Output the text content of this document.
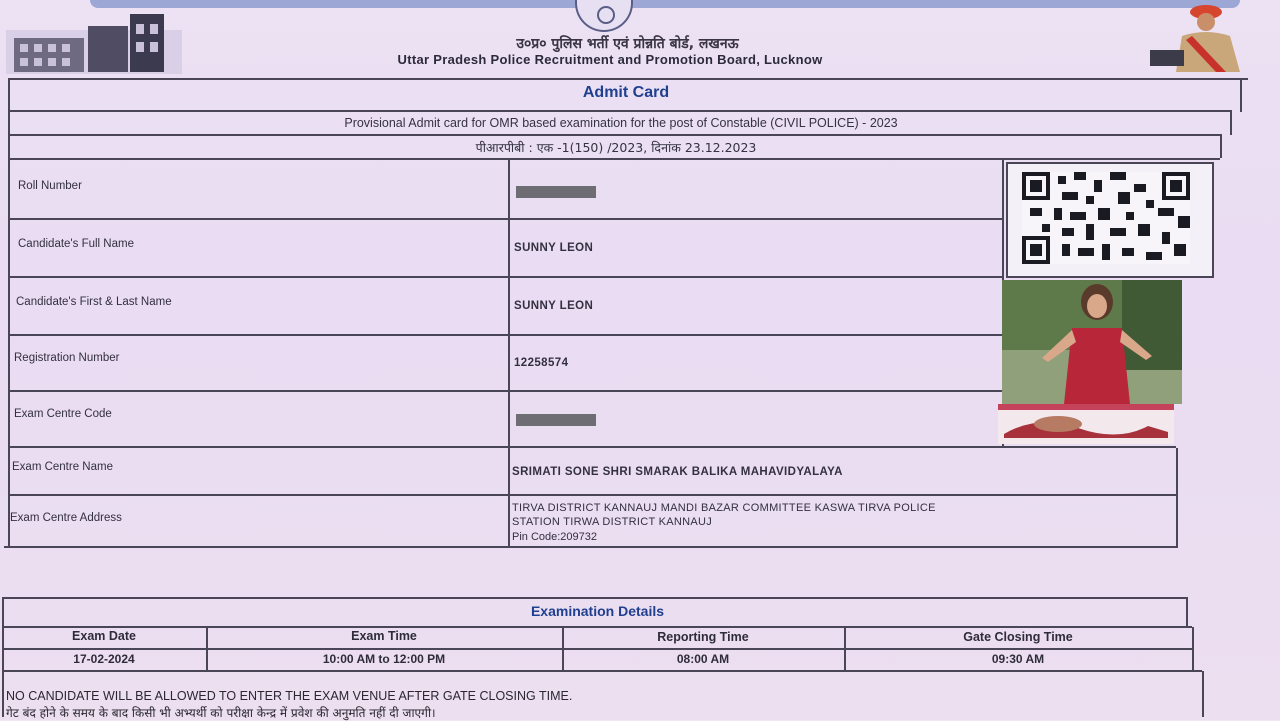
उ०प्र० पुलिस भर्ती एवं प्रोन्नति बोर्ड, लखनऊ
Uttar Pradesh Police Recruitment and Promotion Board, Lucknow
Admit Card
Provisional Admit card for OMR based examination for the post of Constable (CIVIL POLICE) - 2023
पीआरपीबी : एक -1(150) /2023, दिनांक 23.12.2023
Roll Number
Candidate's Full Name	SUNNY LEON
Candidate's First & Last Name	SUNNY LEON
Registration Number	12258574
Exam Centre Code
Exam Centre Name	SRIMATI SONE SHRI SMARAK BALIKA MAHAVIDYALAYA
Exam Centre Address
TIRVA DISTRICT KANNAUJ MANDI BAZAR COMMITTEE KASWA TIRVA POLICE
STATION TIRWA DISTRICT KANNAUJ
Pin Code:209732
Examination Details
Exam Date	Exam Time	Reporting Time	Gate Closing Time
17-02-2024	10:00 AM to 12:00 PM	08:00 AM	09:30 AM
NO CANDIDATE WILL BE ALLOWED TO ENTER THE EXAM VENUE AFTER GATE CLOSING TIME.
गेट बंद होने के समय के बाद किसी भी अभ्यर्थी को परीक्षा केन्द्र में प्रवेश की अनुमति नहीं दी जाएगी।
